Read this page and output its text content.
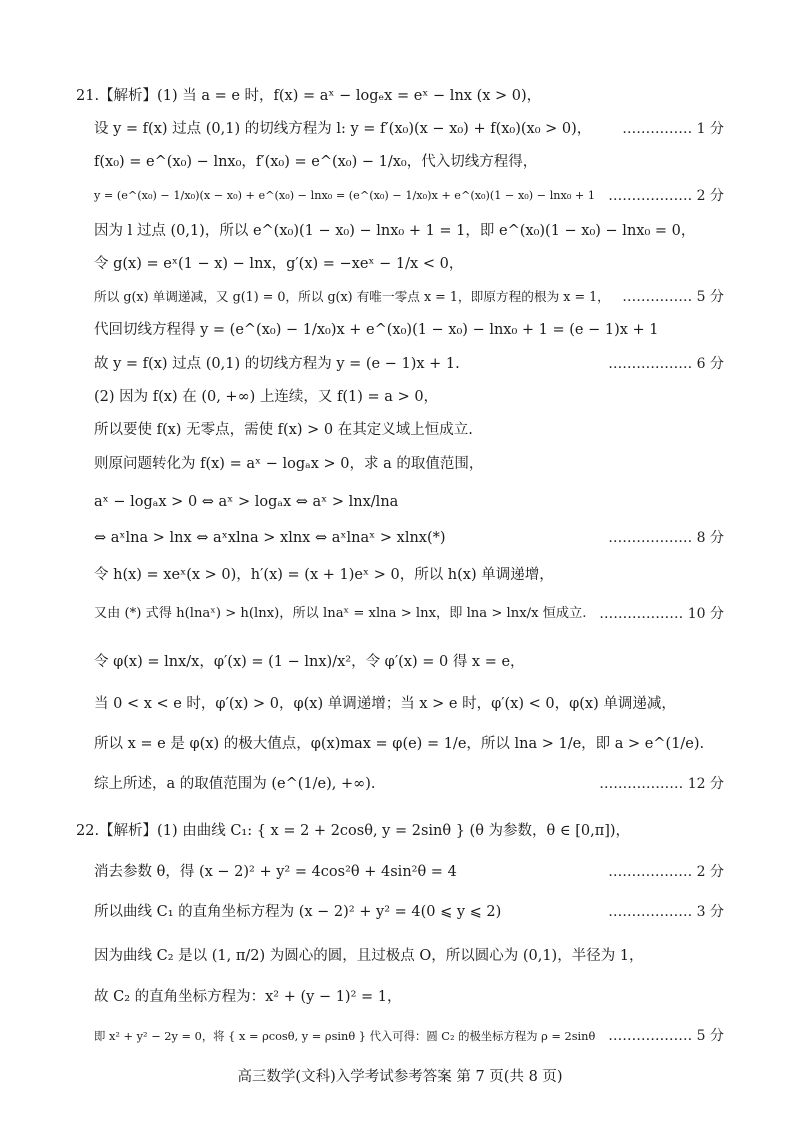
21.【解析】(1) 当 a = e 时，f(x) = aˣ − logₑx = eˣ − lnx (x > 0)，
设 y = f(x) 过点 (0,1) 的切线方程为 l: y = f′(x₀)(x − x₀) + f(x₀)(x₀ > 0)， …………… 1 分
f(x₀) = e^(x₀) − lnx₀，f′(x₀) = e^(x₀) − 1/x₀，代入切线方程得，
y = (e^(x₀) − 1/x₀)(x − x₀) + e^(x₀) − lnx₀ = (e^(x₀) − 1/x₀)x + e^(x₀)(1 − x₀) − lnx₀ + 1 ……………… 2 分
因为 l 过点 (0,1)，所以 e^(x₀)(1 − x₀) − lnx₀ + 1 = 1，即 e^(x₀)(1 − x₀) − lnx₀ = 0，
令 g(x) = eˣ(1 − x) − lnx，g′(x) = −xeˣ − 1/x < 0，
所以 g(x) 单调递减，又 g(1) = 0，所以 g(x) 有唯一零点 x = 1，即原方程的根为 x = 1， …………… 5 分
代回切线方程得 y = (e^(x₀) − 1/x₀)x + e^(x₀)(1 − x₀) − lnx₀ + 1 = (e − 1)x + 1
故 y = f(x) 过点 (0,1) 的切线方程为 y = (e − 1)x + 1.	……………… 6 分
(2) 因为 f(x) 在 (0, +∞) 上连续，又 f(1) = a > 0，
所以要使 f(x) 无零点，需使 f(x) > 0 在其定义域上恒成立.
则原问题转化为 f(x) = aˣ − logₐx > 0，求 a 的取值范围，
aˣ − logₐx > 0 ⇔ aˣ > logₐx ⇔ aˣ > lnx/lna
⇔ aˣlna > lnx ⇔ aˣxlna > xlnx ⇔ aˣlnaˣ > xlnx(*)	……………… 8 分
令 h(x) = xeˣ(x > 0)，h′(x) = (x + 1)eˣ > 0，所以 h(x) 单调递增，
又由 (*) 式得 h(lnaˣ) > h(lnx)，所以 lnaˣ = xlna > lnx，即 lna > lnx/x 恒成立. ……………… 10 分
令 φ(x) = lnx/x，φ′(x) = (1 − lnx)/x²，令 φ′(x) = 0 得 x = e，
当 0 < x < e 时，φ′(x) > 0，φ(x) 单调递增；当 x > e 时，φ′(x) < 0，φ(x) 单调递减，
所以 x = e 是 φ(x) 的极大值点，φ(x)max = φ(e) = 1/e，所以 lna > 1/e，即 a > e^(1/e).
综上所述，a 的取值范围为 (e^(1/e), +∞).	……………… 12 分
22.【解析】(1) 由曲线 C₁: { x = 2 + 2cosθ, y = 2sinθ } (θ 为参数，θ ∈ [0,π])，
消去参数 θ，得 (x − 2)² + y² = 4cos²θ + 4sin²θ = 4	……………… 2 分
所以曲线 C₁ 的直角坐标方程为 (x − 2)² + y² = 4(0 ⩽ y ⩽ 2)	……………… 3 分
因为曲线 C₂ 是以 (1, π/2) 为圆心的圆，且过极点 O，所以圆心为 (0,1)，半径为 1，
故 C₂ 的直角坐标方程为：x² + (y − 1)² = 1，
即 x² + y² − 2y = 0，将 { x = ρcosθ, y = ρsinθ } 代入可得：圆 C₂ 的极坐标方程为 ρ = 2sinθ ……………… 5 分
高三数学(文科)入学考试参考答案 第 7 页(共 8 页)
